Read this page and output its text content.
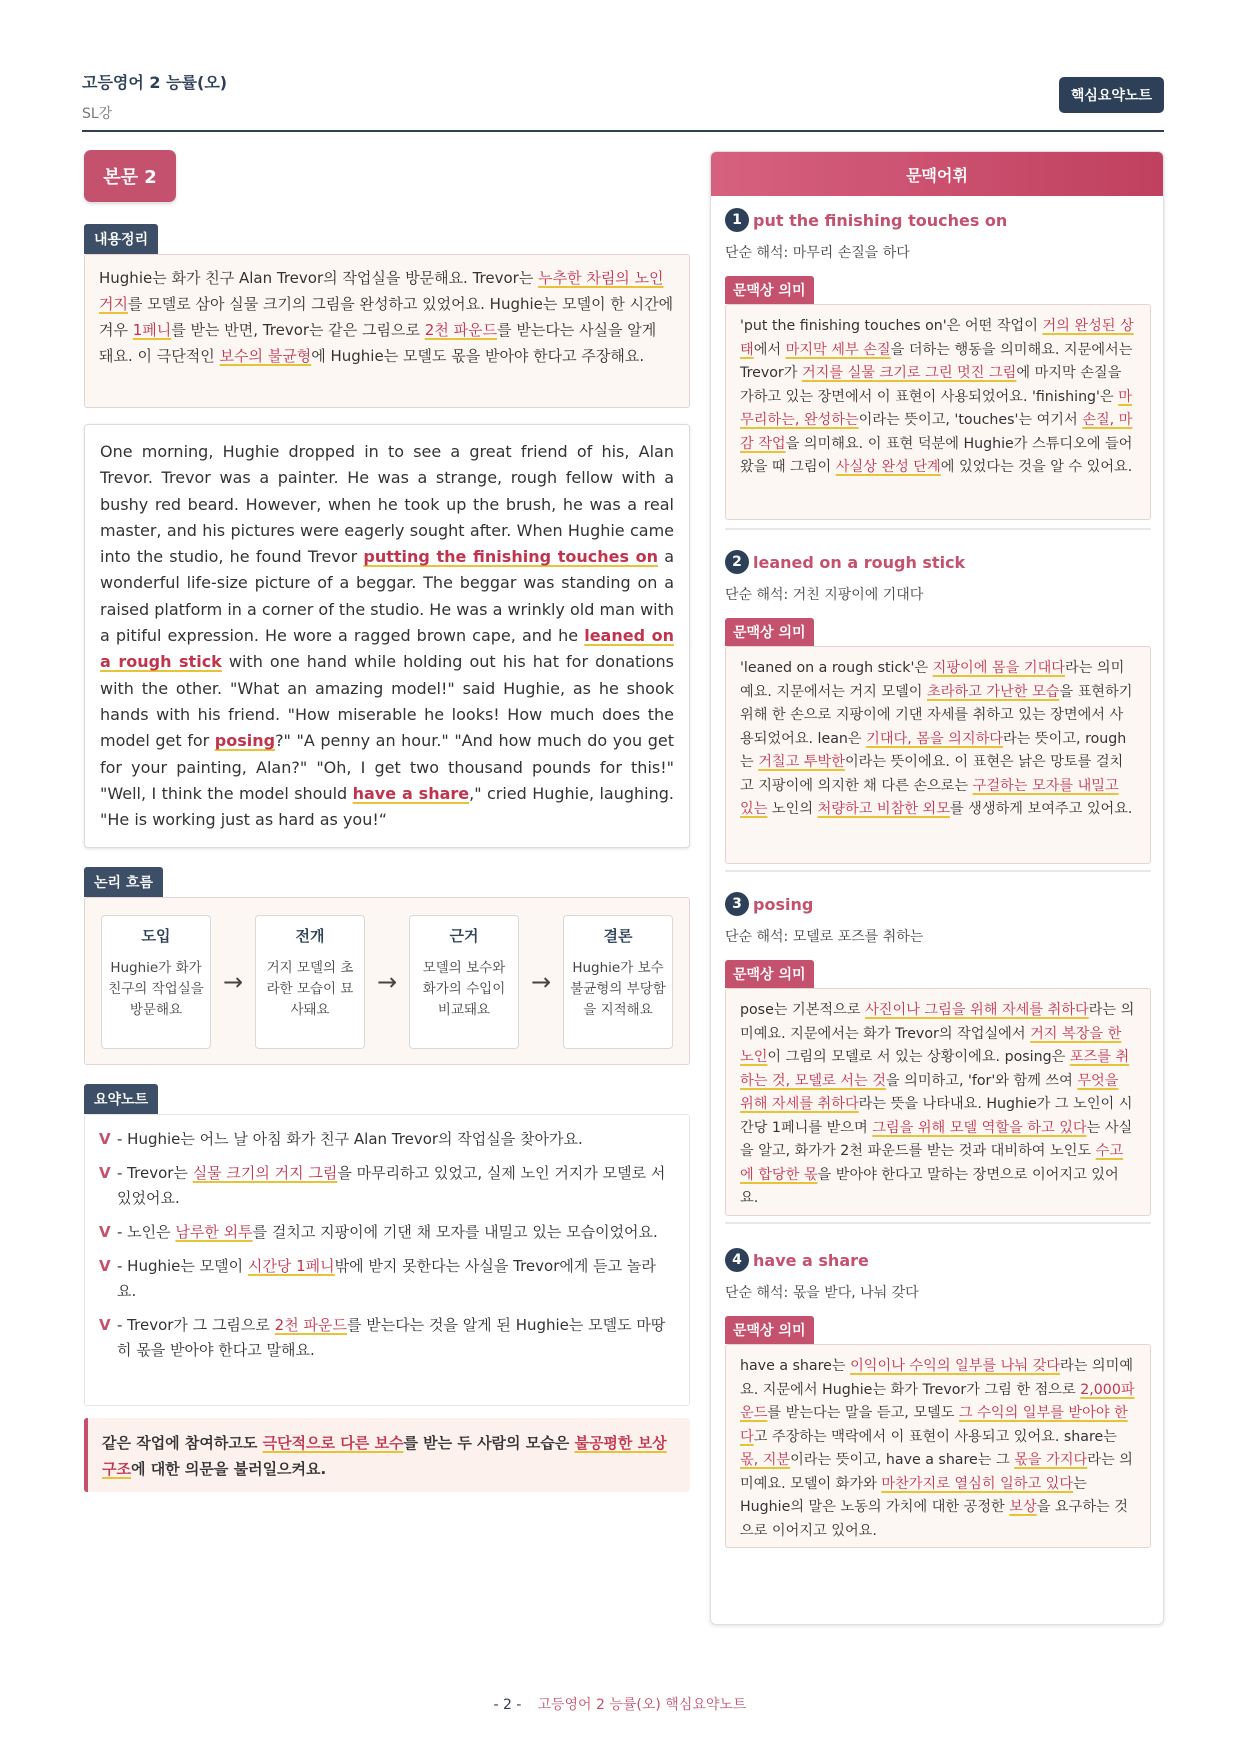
고등영어 2 능률(오)
SL강
핵심요약노트
본문 2
내용정리
Hughie는 화가 친구 Alan Trevor의 작업실을 방문해요. Trevor는 누추한 차림의 노인 거지를 모델로 삼아 실물 크기의 그림을 완성하고 있었어요. Hughie는 모델이 한 시간에 겨우 1페니를 받는 반면, Trevor는 같은 그림으로 2천 파운드를 받는다는 사실을 알게 돼요. 이 극단적인 보수의 불균형에 Hughie는 모델도 몫을 받아야 한다고 주장해요.
One morning, Hughie dropped in to see a great friend of his, Alan Trevor. Trevor was a painter. He was a strange, rough fellow with a bushy red beard. However, when he took up the brush, he was a real master, and his pictures were eagerly sought after. When Hughie came into the studio, he found Trevor putting the finishing touches on a wonderful life-size picture of a beggar. The beggar was standing on a raised platform in a corner of the studio. He was a wrinkly old man with a pitiful expression. He wore a ragged brown cape, and he leaned on a rough stick with one hand while holding out his hat for donations with the other. "What an amazing model!" said Hughie, as he shook hands with his friend. "How miserable he looks! How much does the model get for posing?" "A penny an hour." "And how much do you get for your painting, Alan?" "Oh, I get two thousand pounds for this!" "Well, I think the model should have a share," cried Hughie, laughing. "He is working just as hard as you!“
논리 흐름
도입
Hughie가 화가 친구의 작업실을 방문해요
→
전개
거지 모델의 초라한 모습이 묘사돼요
→
근거
모델의 보수와 화가의 수입이 비교돼요
→
결론
Hughie가 보수 불균형의 부당함을 지적해요
요약노트
V - Hughie는 어느 날 아침 화가 친구 Alan Trevor의 작업실을 찾아가요.
V - Trevor는 실물 크기의 거지 그림을 마무리하고 있었고, 실제 노인 거지가 모델로 서 있었어요.
V - 노인은 남루한 외투를 걸치고 지팡이에 기댄 채 모자를 내밀고 있는 모습이었어요.
V - Hughie는 모델이 시간당 1페니밖에 받지 못한다는 사실을 Trevor에게 듣고 놀라요.
V - Trevor가 그 그림으로 2천 파운드를 받는다는 것을 알게 된 Hughie는 모델도 마땅히 몫을 받아야 한다고 말해요.
같은 작업에 참여하고도 극단적으로 다른 보수를 받는 두 사람의 모습은 불공평한 보상 구조에 대한 의문을 불러일으켜요.
문맥어휘
1 put the finishing touches on
단순 해석: 마무리 손질을 하다
문맥상 의미
'put the finishing touches on'은 어떤 작업이 거의 완성된 상태에서 마지막 세부 손질을 더하는 행동을 의미해요. 지문에서는 Trevor가 거지를 실물 크기로 그린 멋진 그림에 마지막 손질을 가하고 있는 장면에서 이 표현이 사용되었어요. 'finishing'은 마무리하는, 완성하는이라는 뜻이고, 'touches'는 여기서 손질, 마감 작업을 의미해요. 이 표현 덕분에 Hughie가 스튜디오에 들어왔을 때 그림이 사실상 완성 단계에 있었다는 것을 알 수 있어요.
2 leaned on a rough stick
단순 해석: 거친 지팡이에 기대다
문맥상 의미
'leaned on a rough stick'은 지팡이에 몸을 기대다라는 의미예요. 지문에서는 거지 모델이 초라하고 가난한 모습을 표현하기 위해 한 손으로 지팡이에 기댄 자세를 취하고 있는 장면에서 사용되었어요. lean은 기대다, 몸을 의지하다라는 뜻이고, rough는 거칠고 투박한이라는 뜻이에요. 이 표현은 낡은 망토를 걸치고 지팡이에 의지한 채 다른 손으로는 구걸하는 모자를 내밀고 있는 노인의 처량하고 비참한 외모를 생생하게 보여주고 있어요.
3 posing
단순 해석: 모델로 포즈를 취하는
문맥상 의미
pose는 기본적으로 사진이나 그림을 위해 자세를 취하다라는 의미예요. 지문에서는 화가 Trevor의 작업실에서 거지 복장을 한 노인이 그림의 모델로 서 있는 상황이에요. posing은 포즈를 취하는 것, 모델로 서는 것을 의미하고, 'for'와 함께 쓰여 무엇을 위해 자세를 취하다라는 뜻을 나타내요. Hughie가 그 노인이 시간당 1페니를 받으며 그림을 위해 모델 역할을 하고 있다는 사실을 알고, 화가가 2천 파운드를 받는 것과 대비하여 노인도 수고에 합당한 몫을 받아야 한다고 말하는 장면으로 이어지고 있어요.
4 have a share
단순 해석: 몫을 받다, 나눠 갖다
문맥상 의미
have a share는 이익이나 수익의 일부를 나눠 갖다라는 의미예요. 지문에서 Hughie는 화가 Trevor가 그림 한 점으로 2,000파운드를 받는다는 말을 듣고, 모델도 그 수익의 일부를 받아야 한다고 주장하는 맥락에서 이 표현이 사용되고 있어요. share는 몫, 지분이라는 뜻이고, have a share는 그 몫을 가지다라는 의미예요. 모델이 화가와 마찬가지로 열심히 일하고 있다는 Hughie의 말은 노동의 가치에 대한 공정한 보상을 요구하는 것으로 이어지고 있어요.
- 2 - 고등영어 2 능률(오) 핵심요약노트
